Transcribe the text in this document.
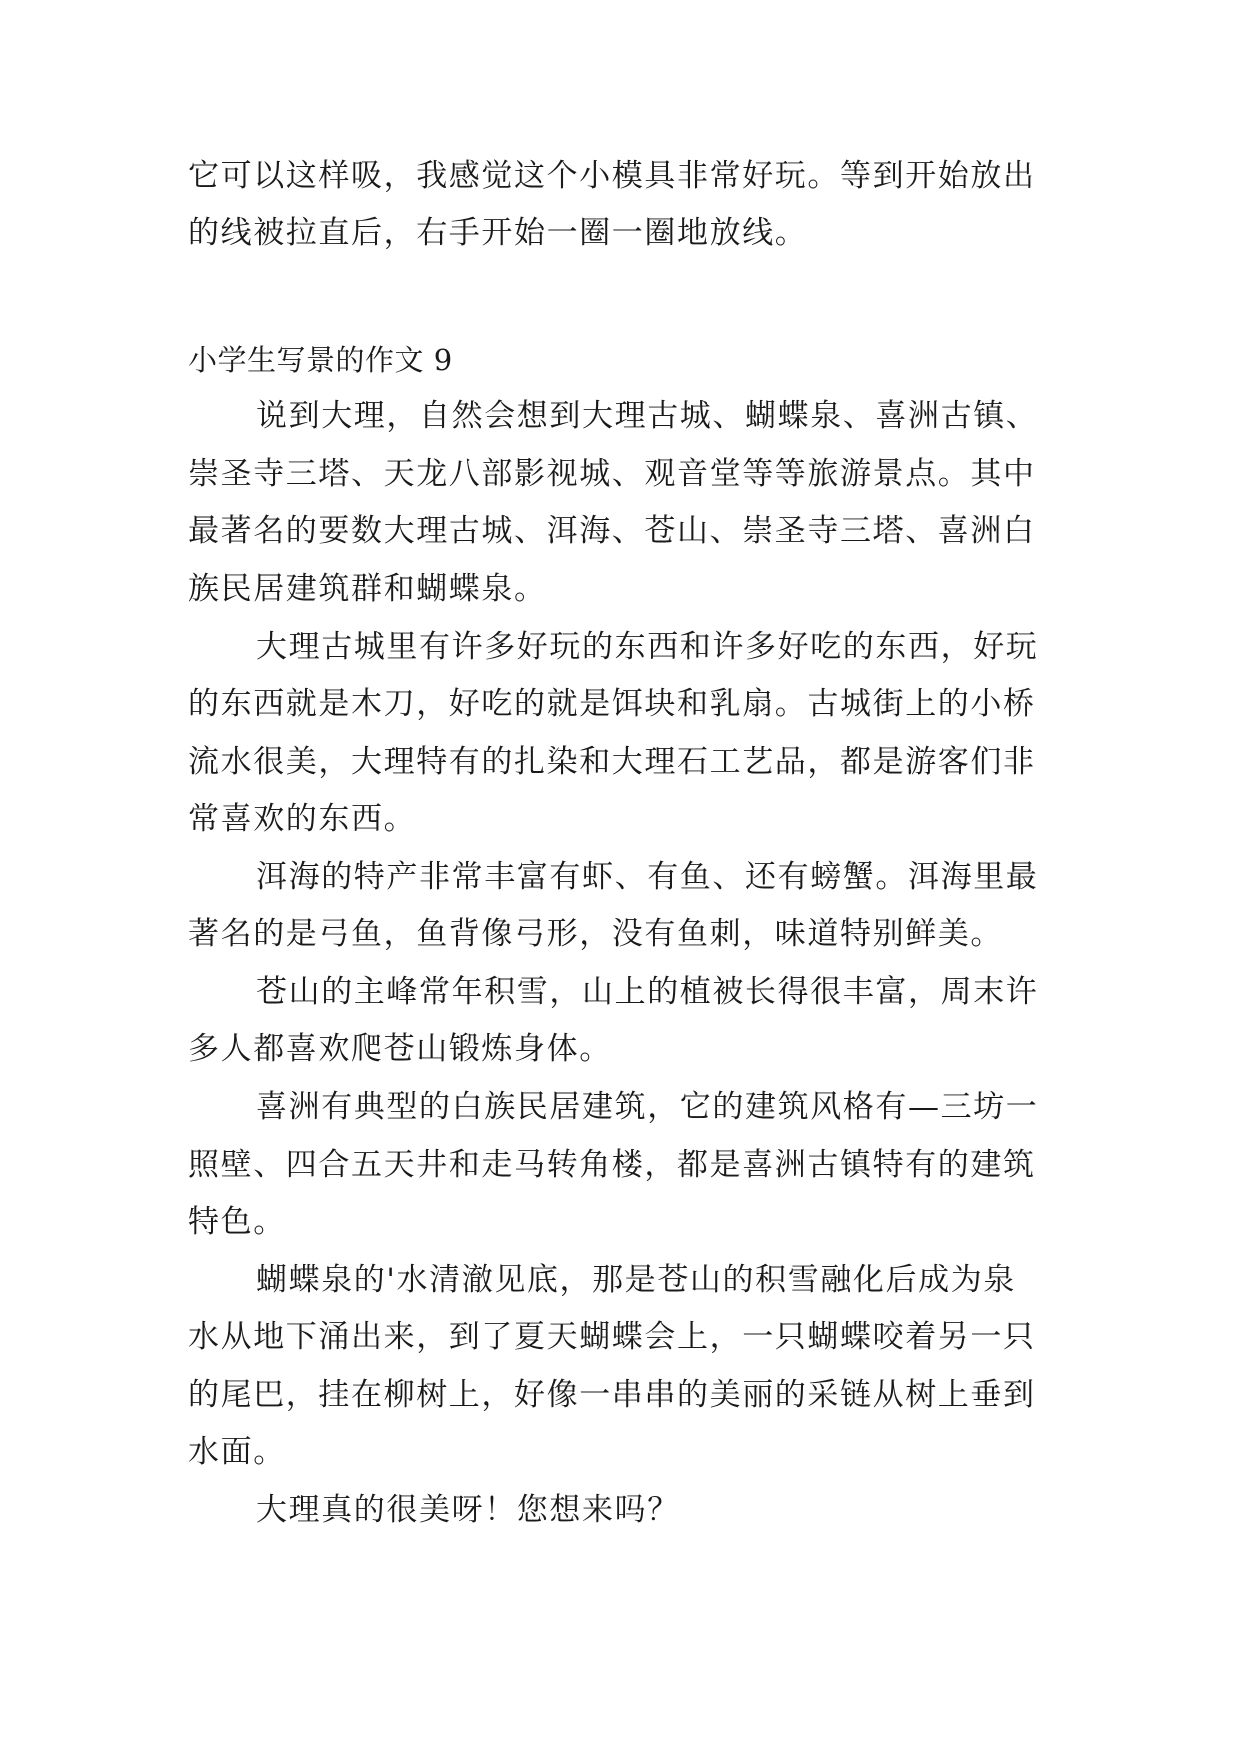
它可以这样吸，我感觉这个小模具非常好玩。等到开始放出
的线被拉直后，右手开始一圈一圈地放线。
小学生写景的作文 9
说到大理，自然会想到大理古城、蝴蝶泉、喜洲古镇、
崇圣寺三塔、天龙八部影视城、观音堂等等旅游景点。其中
最著名的要数大理古城、洱海、苍山、崇圣寺三塔、喜洲白
族民居建筑群和蝴蝶泉。
大理古城里有许多好玩的东西和许多好吃的东西，好玩
的东西就是木刀，好吃的就是饵块和乳扇。古城街上的小桥
流水很美，大理特有的扎染和大理石工艺品，都是游客们非
常喜欢的东西。
洱海的特产非常丰富有虾、有鱼、还有螃蟹。洱海里最
著名的是弓鱼，鱼背像弓形，没有鱼刺，味道特别鲜美。
苍山的主峰常年积雪，山上的植被长得很丰富，周末许
多人都喜欢爬苍山锻炼身体。
喜洲有典型的白族民居建筑，它的建筑风格有—三坊一
照壁、四合五天井和走马转角楼，都是喜洲古镇特有的建筑
特色。
蝴蝶泉的'水清澈见底，那是苍山的积雪融化后成为泉
水从地下涌出来，到了夏天蝴蝶会上，一只蝴蝶咬着另一只
的尾巴，挂在柳树上，好像一串串的美丽的采链从树上垂到
水面。
大理真的很美呀！您想来吗？
